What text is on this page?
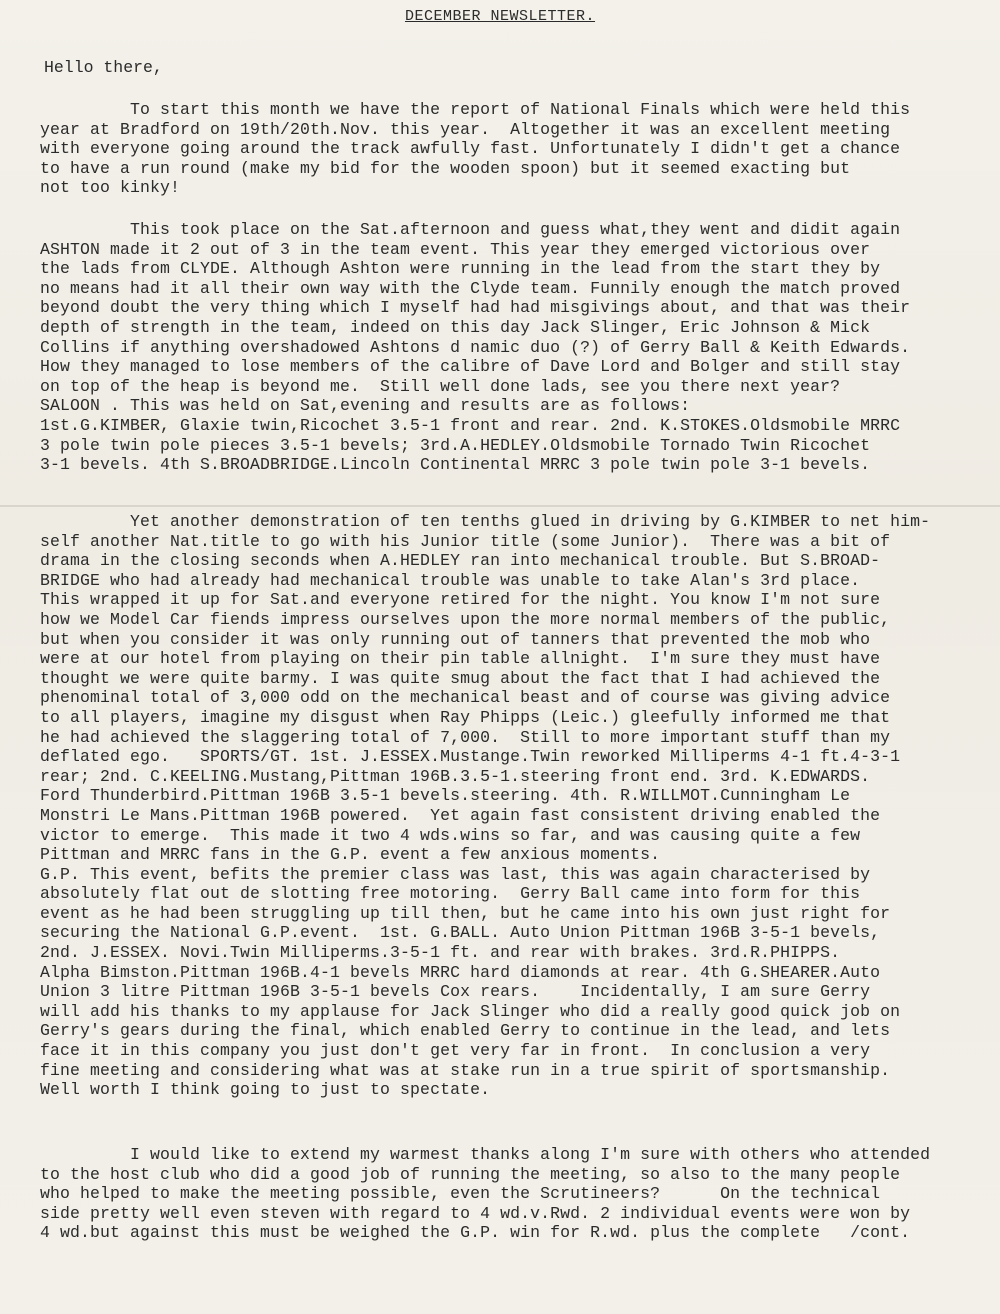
DECEMBER NEWSLETTER.
Hello there,
To start this month we have the report of National Finals which were held this
year at Bradford on 19th/20th.Nov. this year.  Altogether it was an excellent meeting
with everyone going around the track awfully fast. Unfortunately I didn't get a chance
to have a run round (make my bid for the wooden spoon) but it seemed exacting but
not too kinky!
This took place on the Sat.afternoon and guess what,they went and didit again
ASHTON made it 2 out of 3 in the team event. This year they emerged victorious over
the lads from CLYDE. Although Ashton were running in the lead from the start they by
no means had it all their own way with the Clyde team. Funnily enough the match proved
beyond doubt the very thing which I myself had had misgivings about, and that was their
depth of strength in the team, indeed on this day Jack Slinger, Eric Johnson & Mick
Collins if anything overshadowed Ashtons d namic duo (?) of Gerry Ball & Keith Edwards.
How they managed to lose members of the calibre of Dave Lord and Bolger and still stay
on top of the heap is beyond me.  Still well done lads, see you there next year?
SALOON . This was held on Sat,evening and results are as follows:
1st.G.KIMBER, Glaxie twin,Ricochet 3.5-1 front and rear. 2nd. K.STOKES.Oldsmobile MRRC
3 pole twin pole pieces 3.5-1 bevels; 3rd.A.HEDLEY.Oldsmobile Tornado Twin Ricochet
3-1 bevels. 4th S.BROADBRIDGE.Lincoln Continental MRRC 3 pole twin pole 3-1 bevels.
Yet another demonstration of ten tenths glued in driving by G.KIMBER to net him-
self another Nat.title to go with his Junior title (some Junior).  There was a bit of
drama in the closing seconds when A.HEDLEY ran into mechanical trouble. But S.BROAD-
BRIDGE who had already had mechanical trouble was unable to take Alan's 3rd place.
This wrapped it up for Sat.and everyone retired for the night. You know I'm not sure
how we Model Car fiends impress ourselves upon the more normal members of the public,
but when you consider it was only running out of tanners that prevented the mob who
were at our hotel from playing on their pin table allnight.  I'm sure they must have
thought we were quite barmy. I was quite smug about the fact that I had achieved the
phenominal total of 3,000 odd on the mechanical beast and of course was giving advice
to all players, imagine my disgust when Ray Phipps (Leic.) gleefully informed me that
he had achieved the slaggering total of 7,000.  Still to more important stuff than my
deflated ego.   SPORTS/GT. 1st. J.ESSEX.Mustange.Twin reworked Milliperms 4-1 ft.4-3-1
rear; 2nd. C.KEELING.Mustang,Pittman 196B.3.5-1.steering front end. 3rd. K.EDWARDS.
Ford Thunderbird.Pittman 196B 3.5-1 bevels.steering. 4th. R.WILLMOT.Cunningham Le
Monstri Le Mans.Pittman 196B powered.  Yet again fast consistent driving enabled the
victor to emerge.  This made it two 4 wds.wins so far, and was causing quite a few
Pittman and MRRC fans in the G.P. event a few anxious moments.
G.P. This event, befits the premier class was last, this was again characterised by
absolutely flat out de slotting free motoring.  Gerry Ball came into form for this
event as he had been struggling up till then, but he came into his own just right for
securing the National G.P.event.  1st. G.BALL. Auto Union Pittman 196B 3-5-1 bevels,
2nd. J.ESSEX. Novi.Twin Milliperms.3-5-1 ft. and rear with brakes. 3rd.R.PHIPPS.
Alpha Bimston.Pittman 196B.4-1 bevels MRRC hard diamonds at rear. 4th G.SHEARER.Auto
Union 3 litre Pittman 196B 3-5-1 bevels Cox rears.    Incidentally, I am sure Gerry
will add his thanks to my applause for Jack Slinger who did a really good quick job on
Gerry's gears during the final, which enabled Gerry to continue in the lead, and lets
face it in this company you just don't get very far in front.  In conclusion a very
fine meeting and considering what was at stake run in a true spirit of sportsmanship.
Well worth I think going to just to spectate.
I would like to extend my warmest thanks along I'm sure with others who attended
to the host club who did a good job of running the meeting, so also to the many people
who helped to make the meeting possible, even the Scrutineers?      On the technical
side pretty well even steven with regard to 4 wd.v.Rwd. 2 individual events were won by
4 wd.but against this must be weighed the G.P. win for R.wd. plus the complete   /cont.
